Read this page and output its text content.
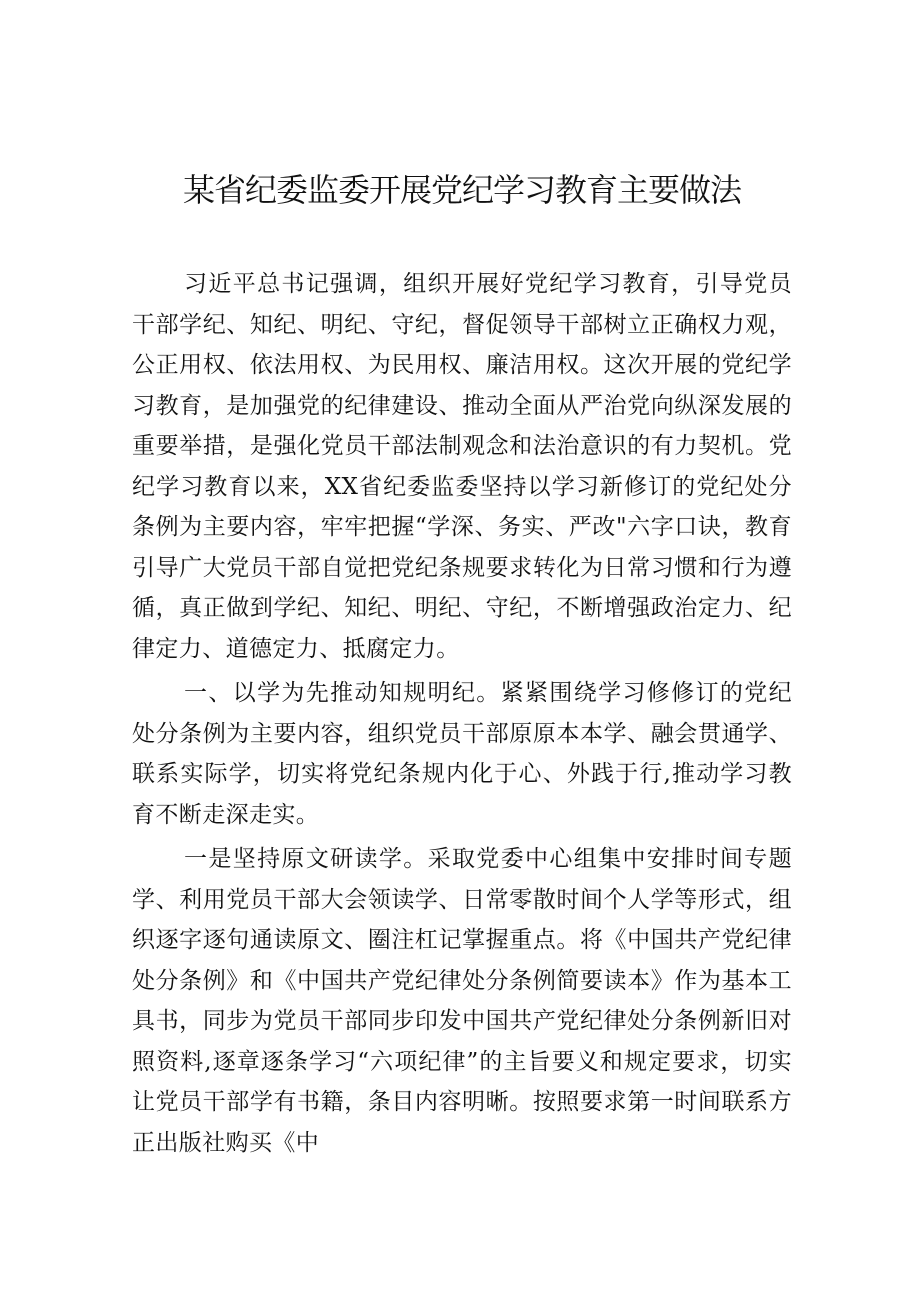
某省纪委监委开展党纪学习教育主要做法

习近平总书记强调，组织开展好党纪学习教育，引导党员干部学纪、知纪、明纪、守纪，督促领导干部树立正确权力观，公正用权、依法用权、为民用权、廉洁用权。这次开展的党纪学习教育，是加强党的纪律建设、推动全面从严治党向纵深发展的重要举措，是强化党员干部法制观念和法治意识的有力契机。党纪学习教育以来，XX省纪委监委坚持以学习新修订的党纪处分条例为主要内容，牢牢把握“学深、务实、严改"六字口诀，教育引导广大党员干部自觉把党纪条规要求转化为日常习惯和行为遵循，真正做到学纪、知纪、明纪、守纪，不断增强政治定力、纪律定力、道德定力、抵腐定力。

一、以学为先推动知规明纪。紧紧围绕学习修修订的党纪处分条例为主要内容，组织党员干部原原本本学、融会贯通学、联系实际学，切实将党纪条规内化于心、外践于行,推动学习教育不断走深走实。

一是坚持原文研读学。采取党委中心组集中安排时间专题学、利用党员干部大会领读学、日常零散时间个人学等形式，组织逐字逐句通读原文、圈注杠记掌握重点。将《中国共产党纪律处分条例》和《中国共产党纪律处分条例简要读本》作为基本工具书，同步为党员干部同步印发中国共产党纪律处分条例新旧对照资料,逐章逐条学习“六项纪律”的主旨要义和规定要求，切实让党员干部学有书籍，条目内容明晰。按照要求第一时间联系方正出版社购买《中
